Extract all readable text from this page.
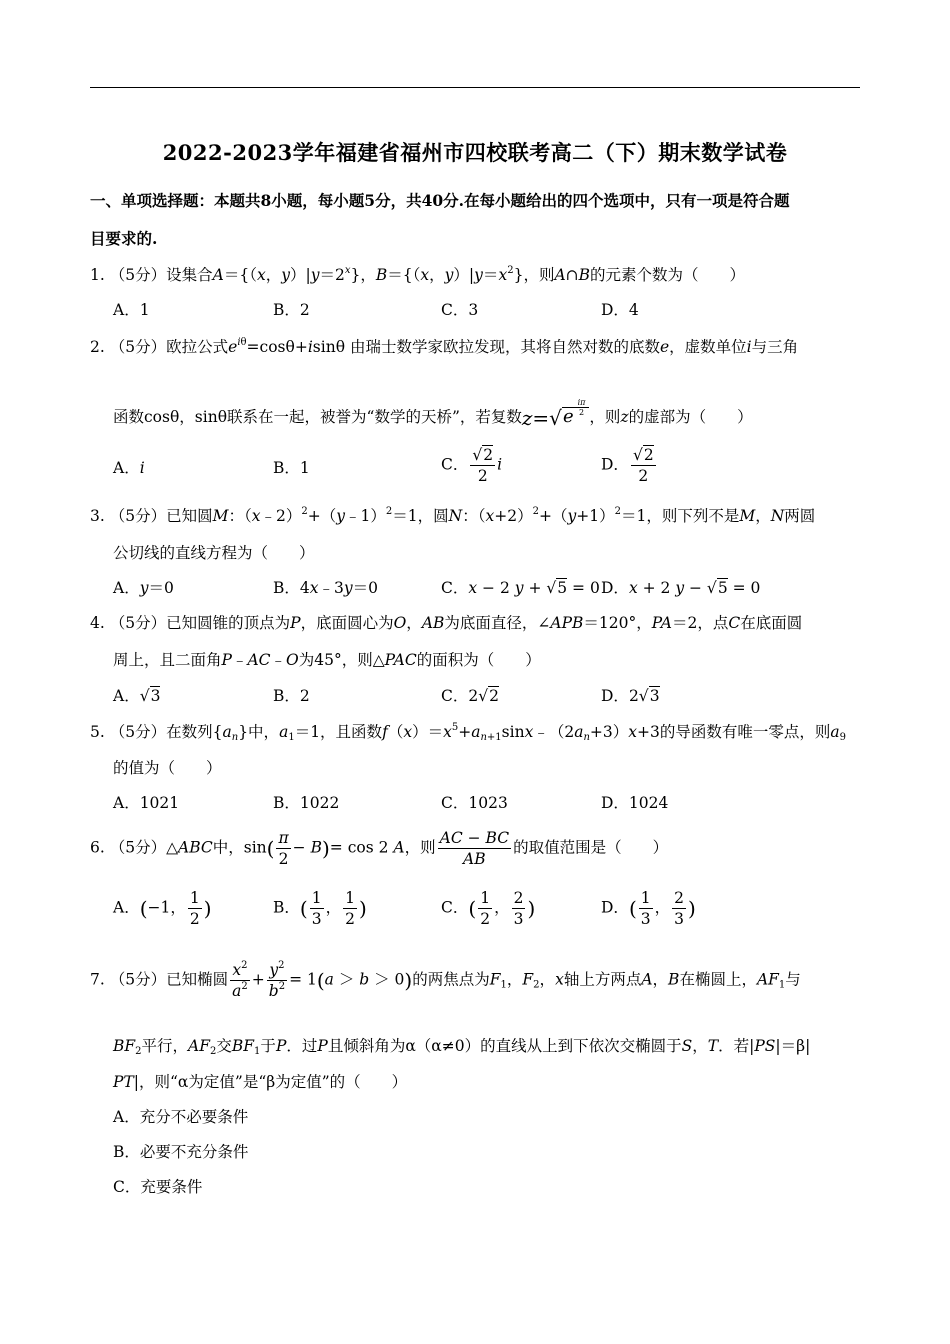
2022-2023学年福建省福州市四校联考高二（下）期末数学试卷
一、单项选择题：本题共8小题，每小题5分，共40分.在每小题给出的四个选项中，只有一项是符合题
目要求的.
1. （5分）设集合A＝{（x，$y)|y=2^x$}，B＝{（x，$y)|y=x^2$}，则A∩B的元素个数为（　　）
A．1	B．2	C．3	D．4
2. （5分）欧拉公式$e^{i\theta}=\cos\theta+isin\theta$ 由瑞士数学家欧拉发现，其将自然对数的底数e，虚数单位i与三角
函数cosθ，sinθ联系在一起，被誉为“数学的天桥”，若复数z=√e $^{\frac{i\pi}{2}}$ ，则z的虚部为（　　）
A．i	B．1	C． $\frac{√2}{2}$ i	D． $\frac{√2}{2}$
3. （5分）已知圆M：（x﹣2）$^2$+（y﹣1）$^2$＝1，圆N：$(x+2)^2+(y+1)^2=1$，则下列不是M，N两圆
公切线的直线方程为（　　）
A．y＝0	B．4x﹣3y＝0	C．x − 2 y + √5 = 0 D．x + 2 y − √5 = 0
4. （5分）已知圆锥的顶点为P，底面圆心为O，AB为底面直径，∠APB＝120°，PA＝2，点C在底面圆
周上，且二面角P﹣AC﹣O为45°，则△PAC的面积为（　　）
A．√3	B．2	C．2√2	D．2√3
5. （5分）在数列$\{a_n\}$中，$a_1=1$，且函数$f(x)=x^5+a_{n+1}\sin x﹣(2a_n+3)x+3$的导函数有唯一零点，则$a_9$
的值为（　　）
A．1021	B．1022	C．1023	D．1024
6. （5分）△ABC中，$\sin( \frac{\pi}{2} - B)= \cos 2$ A，则 $\frac{AC - BC}{AB}$ 的取值范围是（　　）
A．(−1， $\frac{1}{2}$ )	B．( $\frac{1}{3}$ ， $\frac{1}{2}$ )	C．( $\frac{1}{2}$ ， $\frac{2}{3}$ )	D．( $\frac{1}{3}$ ， $\frac{2}{3}$ )
7. （5分）已知椭圆 $\frac{x^2}{a^2} + \frac{y^2}{b^2} = 1(a > b > 0)$的两焦点为$F_1$，$F_2$，x轴上方两点A，B在椭圆上，$AF_1$与
$BF_2$平行，$AF_2$交$BF_1$于P．过P且倾斜角为α（α≠0）的直线从上到下依次交椭圆于S，T．若|PS|＝β|
PT|，则“α为定值”是“β为定值”的（　　）
A．充分不必要条件
B．必要不充分条件
C．充要条件
